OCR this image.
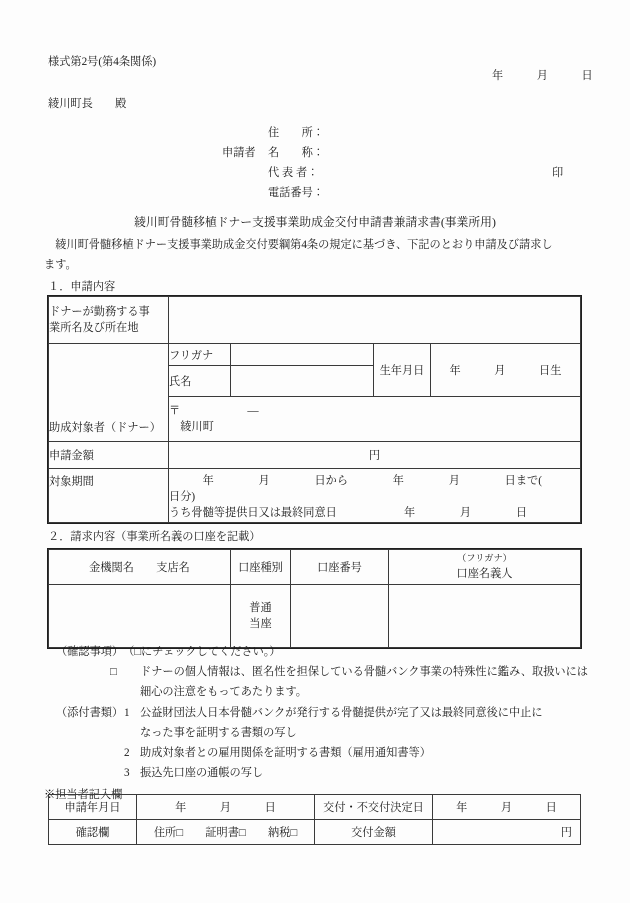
様式第2号(第4条関係)
年　　　月　　　日
綾川町長　　殿
申請者
住　　所：
名　　称：
代 表 者：
電話番号：
印
綾川町骨髄移植ドナー支援事業助成金交付申請書兼請求書(事業所用)
　綾川町骨髄移植ドナー支援事業助成金交付要綱第4条の規定に基づき、下記のとおり申請及び請求し
ます。
１．申請内容
ドナーが勤務する事
業所名及び所在地				

助成対象者（ドナー）	フリガナ		生年月日	年　　　月　　　日生
	氏名			

	〒　　　　　　―
　綾川町			

申請金額	円			
対象期間	　　　年　　　　月　　　　日から　　　　年　　　　月　　　　日まで(　　　日分)
うち骨髄等提供日又は最終同意日　　　　　　年　　　　月　　　　日			
２．請求内容（事業所名義の口座を記載）
金機関名　　支店名	口座種別	口座番号	（フリガナ）
口座名義人

	普通
当座		

（確認事項）　（□にチェックしてください。）
□ ドナーの個人情報は、匿名性を担保している骨髄バンク事業の特殊性に鑑み、取扱いには
細心の注意をもってあたります。
（添付書類） 1 公益財団法人日本骨髄バンクが発行する骨髄提供が完了又は最終同意後に中止に
なった事を証明する書類の写し
2 助成対象者との雇用関係を証明する書類（雇用通知書等）
3 振込先口座の通帳の写し
※担当者記入欄
申請年月日	年　　　月　　　日	交付・不交付決定日	年　　　月　　　日
確認欄	住所□　　証明書□　　納税□	交付金額	円
